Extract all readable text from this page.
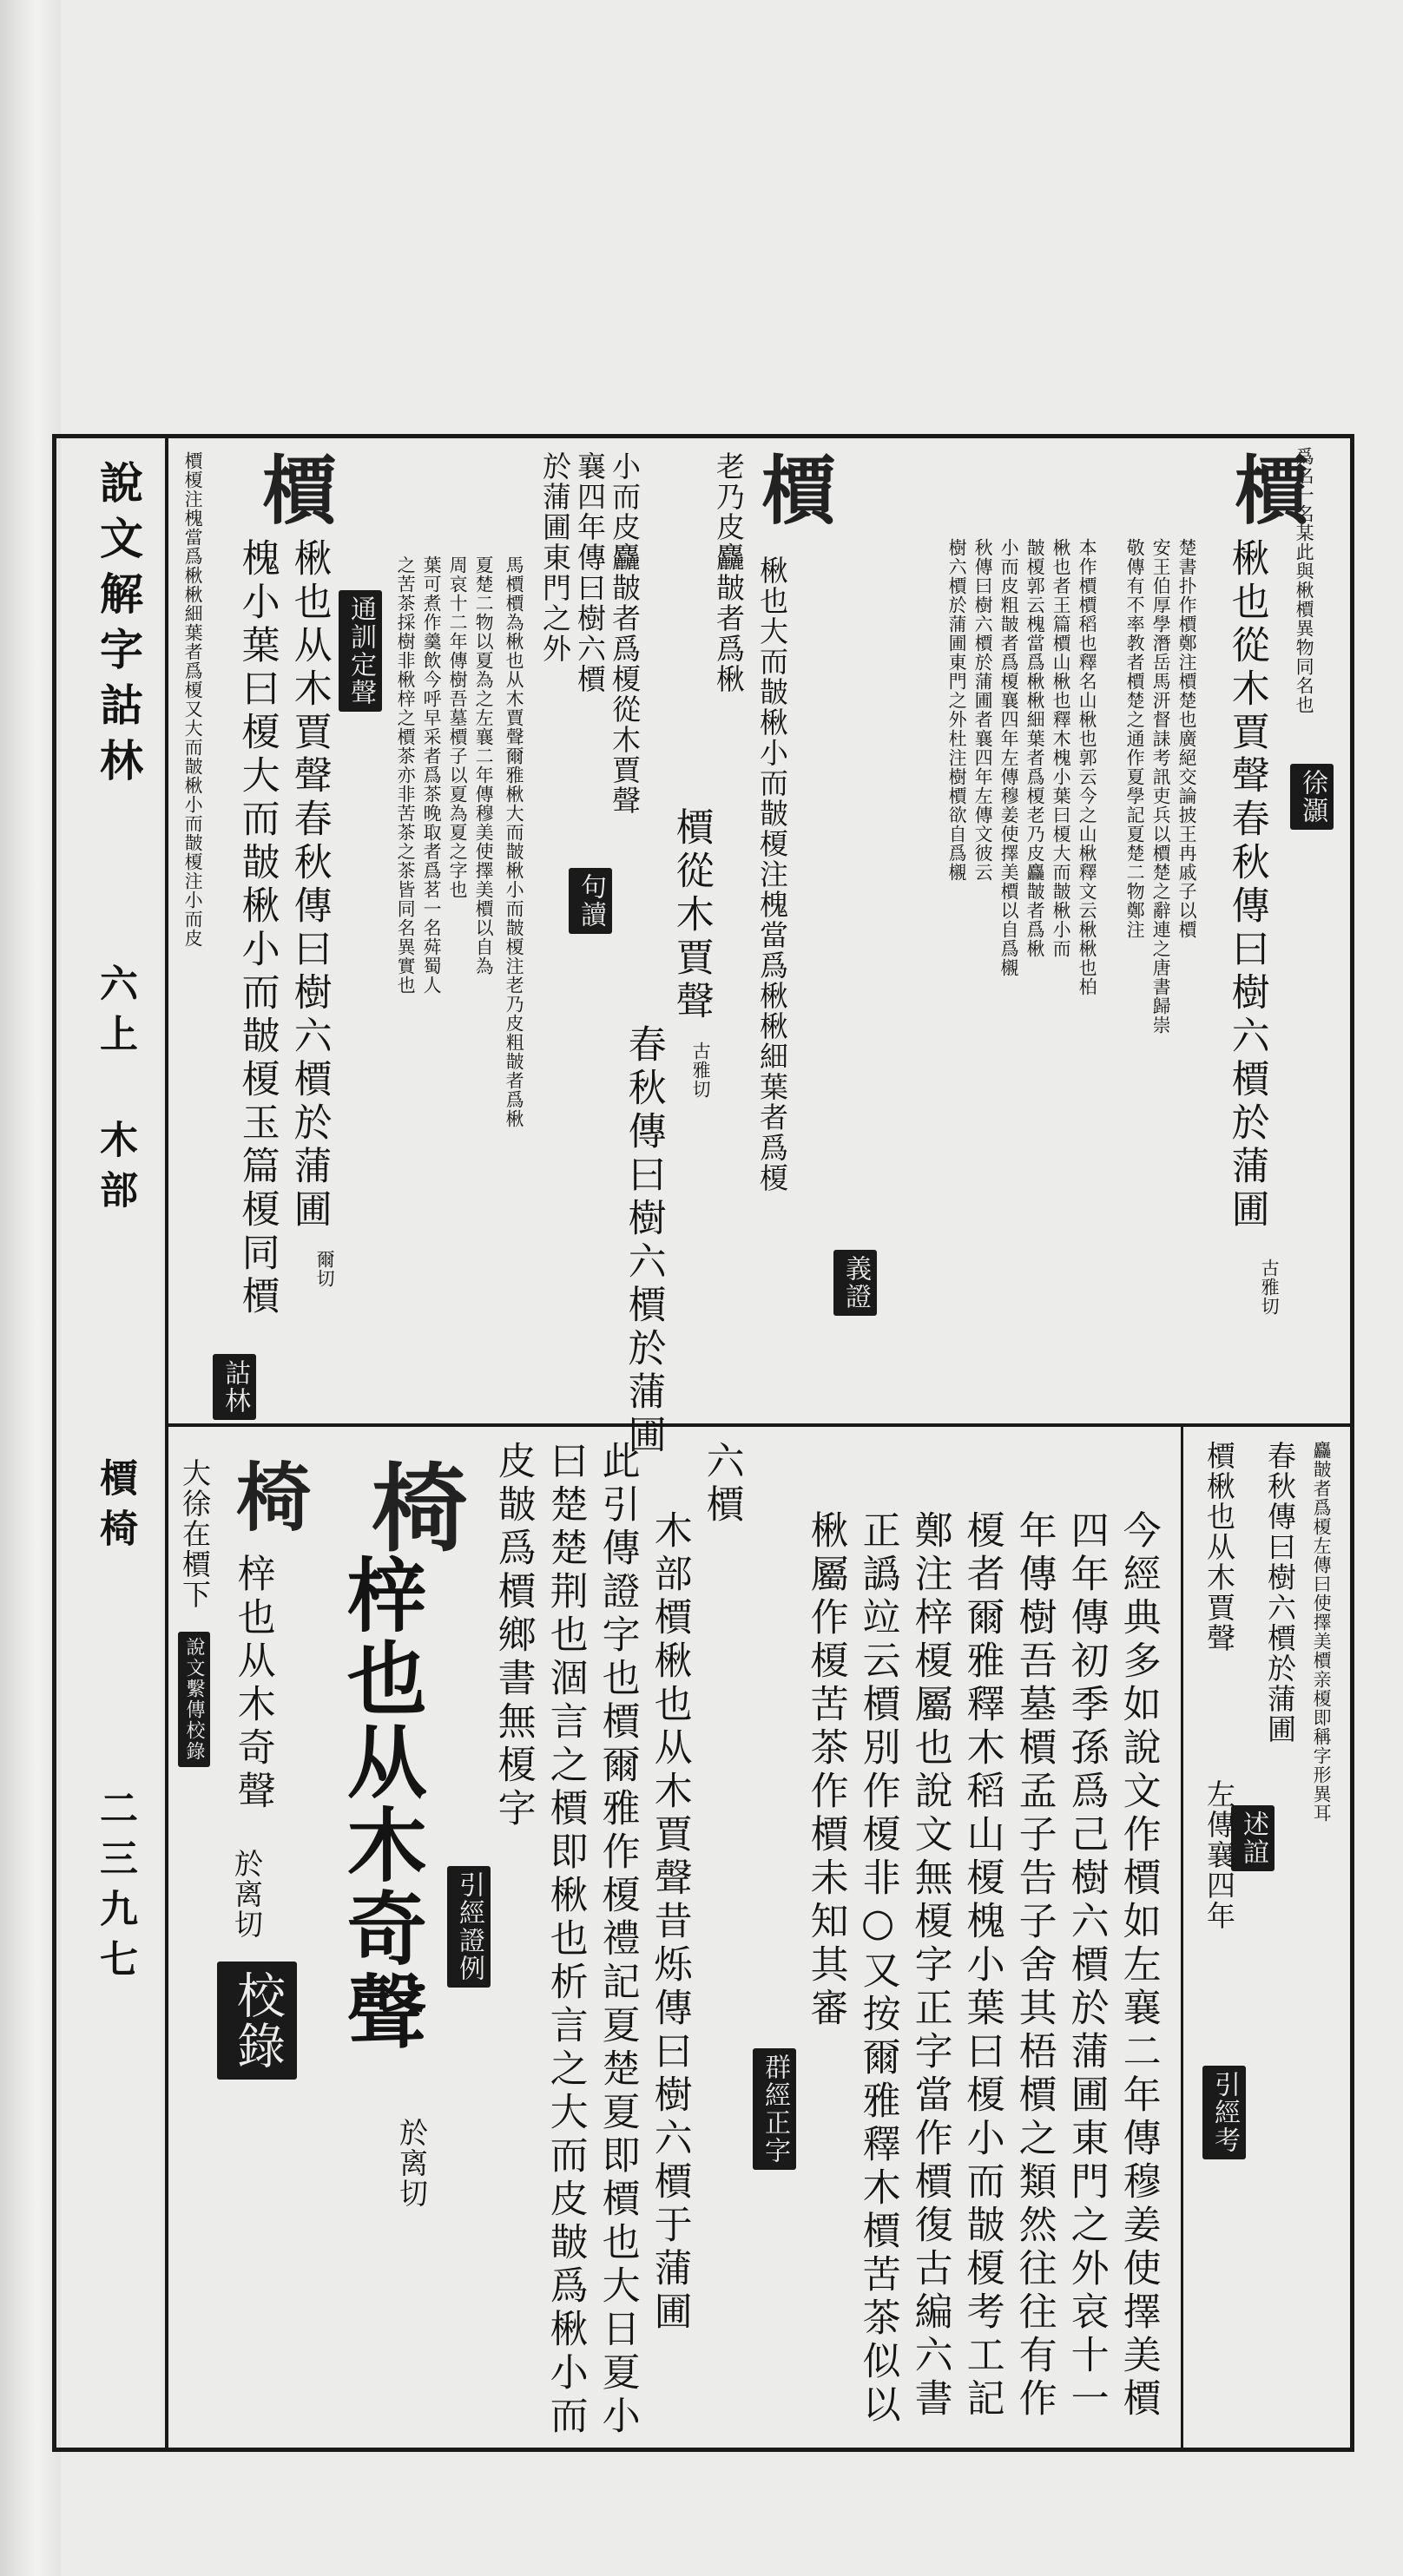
說文解字詁林
六上
木部
檟椅
二三九七
爲名一名某此與楸檟異物同名也
徐灝
檟
楸也從木賈聲春秋傳曰樹六檟於蒲圃
古雅切
楚書扑作檟鄭注檟楚也廣絕交論披王冉戚子以檟
安王伯厚學潛岳馬汧督誄考訊吏兵以檟楚之辭連之唐書歸崇
敬傳有不率教者檟楚之通作夏學記夏楚二物鄭注
本作檟檟稻也釋名山楸也郭云今之山楸釋文云楸楸也柏
楸也者王篇檟山楸也釋木槐小葉曰榎大而皵楸小而
皵榎郭云槐當爲楸楸細葉者爲榎老乃皮麤皵者爲楸
小而皮粗皵者爲榎襄四年左傳穆姜使擇美檟以自爲櫬
秋傳曰樹六檟於蒲圃者襄四年左傳文彼云
樹六檟於蒲圃東門之外杜注樹檟欲自爲櫬
義證
檟
楸也大而皵楸小而皵榎注槐當爲楸楸細葉者爲榎
老乃皮麤皵者爲楸
檟從木賈聲
古雅切
春秋傳曰樹六檟於蒲圃
句讀
小而皮麤皵者爲榎從木賈聲
襄四年傳曰樹六檟
於蒲圃東門之外
馬檟檟為楸也从木賈聲爾雅楸大而皵楸小而皵榎注老乃皮粗皵者爲楸
夏楚二物以夏為之左襄二年傳穆美使擇美檟以自為
周哀十二年傳樹吾墓檟子以夏為夏之字也
葉可煮作羹飲今呼早采者爲茶晚取者爲茗一名荈蜀人
之苦茶採樹非楸梓之檟茶亦非苦茶之茶皆同名異實也
通訓定聲
檟
楸也从木賈聲春秋傳曰樹六檟於蒲圃
爾切
槐小葉曰榎大而皵楸小而皵榎玉篇榎同檟
詁林
檟榎注槐當爲楸楸細葉者爲榎又大而皵楸小而皵榎注小而皮
春秋傳曰樹六檟於蒲圃 麤皵者爲榎左傳曰使擇美檟亲榎即稱字形異耳
述誼
檟楸也从木賈聲
左傳襄四年
引經考
今經典多如說文作檟如左襄二年傳穆姜使擇美檟
四年傳初季孫爲己樹六檟於蒲圃東門之外哀十一
年傳樹吾墓檟孟子告子舍其梧檟之類然往往有作
榎者爾雅釋木稻山榎槐小葉曰榎小而皵榎考工記
鄭注梓榎屬也說文無榎字正字當作檟復古編六書
正譌竝云檟別作榎非○又按爾雅釋木檟苦茶似以
楸屬作榎苦茶作檟未知其審
群經正字
六檟
木部檟楸也从木賈聲昔烁傳曰樹六檟于蒲圃
此引傳證字也檟爾雅作榎禮記夏楚夏即檟也大日夏小
曰楚楚荆也涸言之檟即楸也析言之大而皮皵爲楸小而
皮皵爲檟鄉書無榎字
引經證例
椅
梓也从木奇聲
於离切
椅
梓也从木奇聲
於离切
校錄
大徐在檟下
說文繫傳校錄
